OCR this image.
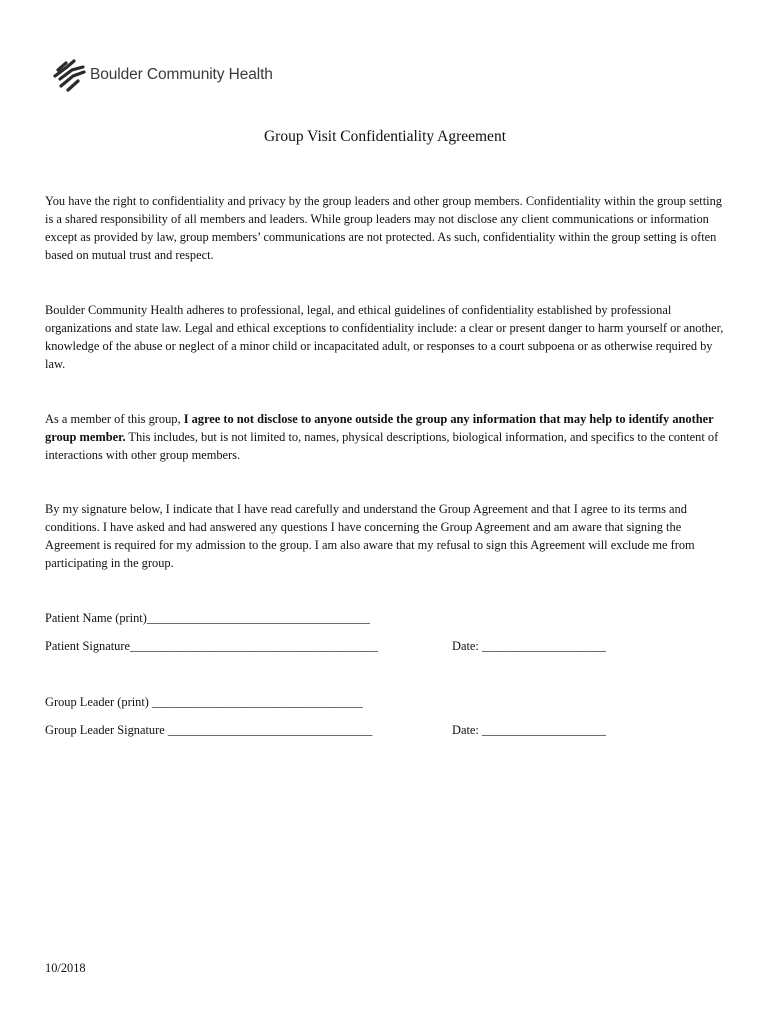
Boulder Community Health
Group Visit Confidentiality Agreement

You have the right to confidentiality and privacy by the group leaders and other group members. Confidentiality within the group setting is a shared responsibility of all members and leaders. While group leaders may not disclose any client communications or information except as provided by law, group members’ communications are not protected. As such, confidentiality within the group setting is often based on mutual trust and respect.

Boulder Community Health adheres to professional, legal, and ethical guidelines of confidentiality established by professional organizations and state law. Legal and ethical exceptions to confidentiality include: a clear or present danger to harm yourself or another, knowledge of the abuse or neglect of a minor child or incapacitated adult, or responses to a court subpoena or as otherwise required by law.

As a member of this group, I agree to not disclose to anyone outside the group any information that may help to identify another group member. This includes, but is not limited to, names, physical descriptions, biological information, and specifics to the content of interactions with other group members.

By my signature below, I indicate that I have read carefully and understand the Group Agreement and that I agree to its terms and conditions. I have asked and had answered any questions I have concerning the Group Agreement and am aware that signing the Agreement is required for my admission to the group. I am also aware that my refusal to sign this Agreement will exclude me from participating in the group.

Patient Name (print)____________________________________
Patient Signature________________________________________	Date: ____________________
Group Leader (print) __________________________________
Group Leader Signature _________________________________	Date: ____________________
10/2018
